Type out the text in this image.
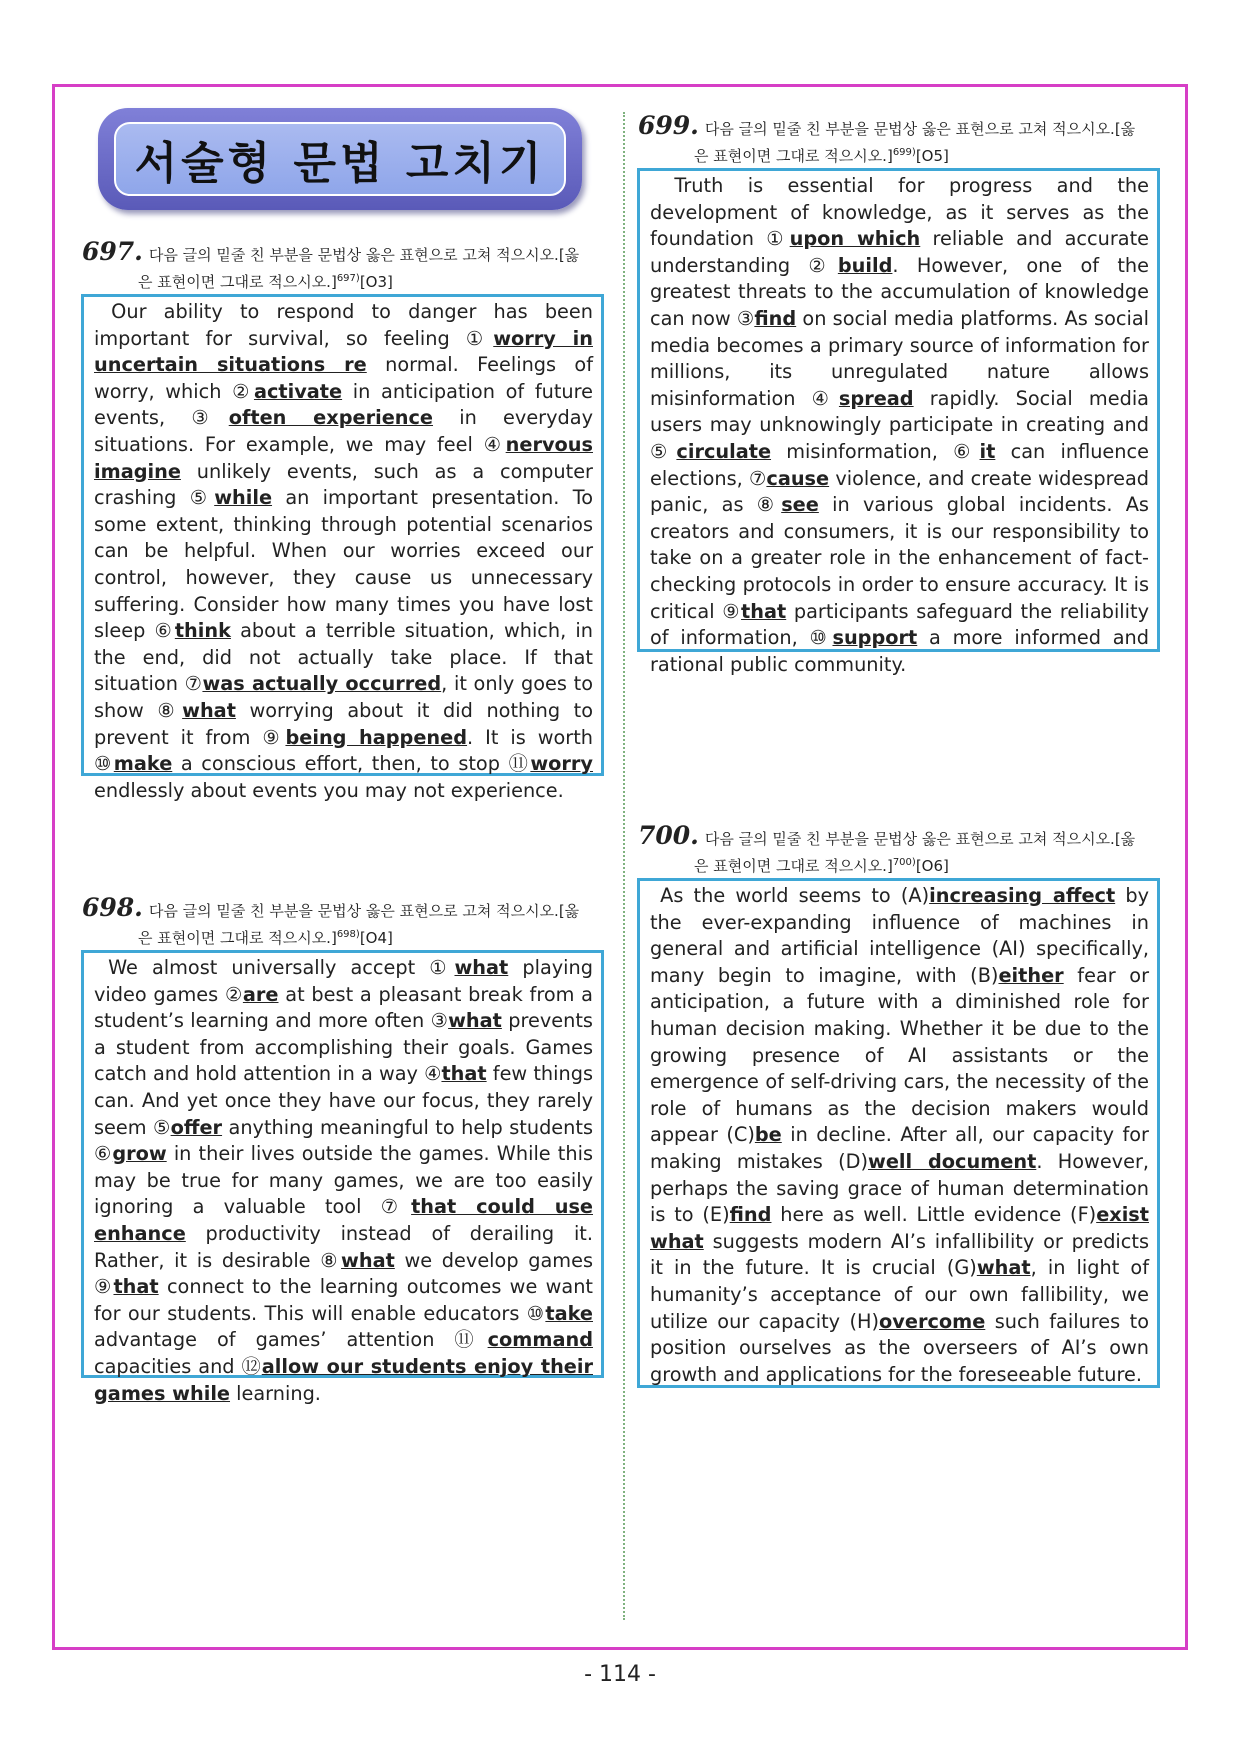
서술형 문법 고치기
697. 다음 글의 밑줄 친 부분을 문법상 옳은 표현으로 고쳐 적으시오.[옳
은 표현이면 그대로 적으시오.]$^{697)}$[O3]
Our ability to respond to danger has been important for survival, so feeling ①worry in uncertain situations re normal. Feelings of worry, which ②activate in anticipation of future events, ③often experience in everyday situations. For example, we may feel ④nervous imagine unlikely events, such as a computer crashing ⑤while an important presentation. To some extent, thinking through potential scenarios can be helpful. When our worries exceed our control, however, they cause us unnecessary suffering. Consider how many times you have lost sleep ⑥think about a terrible situation, which, in the end, did not actually take place. If that situation ⑦was actually occurred, it only goes to show ⑧what worrying about it did nothing to prevent it from ⑨being happened. It is worth ⑩make a conscious effort, then, to stop ⑪worry endlessly about events you may not experience.
698. 다음 글의 밑줄 친 부분을 문법상 옳은 표현으로 고쳐 적으시오.[옳
은 표현이면 그대로 적으시오.]$^{698)}$[O4]
We almost universally accept ①what playing video games ②are at best a pleasant break from a student’s learning and more often ③what prevents a student from accomplishing their goals. Games catch and hold attention in a way ④that few things can. And yet once they have our focus, they rarely seem ⑤offer anything meaningful to help students ⑥grow in their lives outside the games. While this may be true for many games, we are too easily ignoring a valuable tool ⑦that could use enhance productivity instead of derailing it. Rather, it is desirable ⑧what we develop games ⑨that connect to the learning outcomes we want for our students. This will enable educators ⑩take advantage of games’ attention ⑪command capacities and ⑫allow our students enjoy their games while learning.
699. 다음 글의 밑줄 친 부분을 문법상 옳은 표현으로 고쳐 적으시오.[옳
은 표현이면 그대로 적으시오.]$^{699)}$[O5]
Truth is essential for progress and the development of knowledge, as it serves as the foundation ①upon which reliable and accurate understanding ②build. However, one of the greatest threats to the accumulation of knowledge can now ③find on social media platforms. As social media becomes a primary source of information for millions, its unregulated nature allows misinformation ④spread rapidly. Social media users may unknowingly participate in creating and ⑤circulate misinformation, ⑥it can influence elections, ⑦cause violence, and create widespread panic, as ⑧see in various global incidents. As creators and consumers, it is our responsibility to take on a greater role in the enhancement of fact-checking protocols in order to ensure accuracy. It is critical ⑨that participants safeguard the reliability of information, ⑩support a more informed and rational public community.
700. 다음 글의 밑줄 친 부분을 문법상 옳은 표현으로 고쳐 적으시오.[옳
은 표현이면 그대로 적으시오.]$^{700)}$[O6]
As the world seems to (A)increasing affect by the ever-expanding influence of machines in general and artificial intelligence (AI) specifically, many begin to imagine, with (B)either fear or anticipation, a future with a diminished role for human decision making. Whether it be due to the growing presence of AI assistants or the emergence of self-driving cars, the necessity of the role of humans as the decision makers would appear (C)be in decline. After all, our capacity for making mistakes (D)well document. However, perhaps the saving grace of human determination is to (E)find here as well. Little evidence (F)exist what suggests modern AI’s infallibility or predicts it in the future. It is crucial (G)what, in light of humanity’s acceptance of our own fallibility, we utilize our capacity (H)overcome such failures to position ourselves as the overseers of AI’s own growth and applications for the foreseeable future.
- 114 -
